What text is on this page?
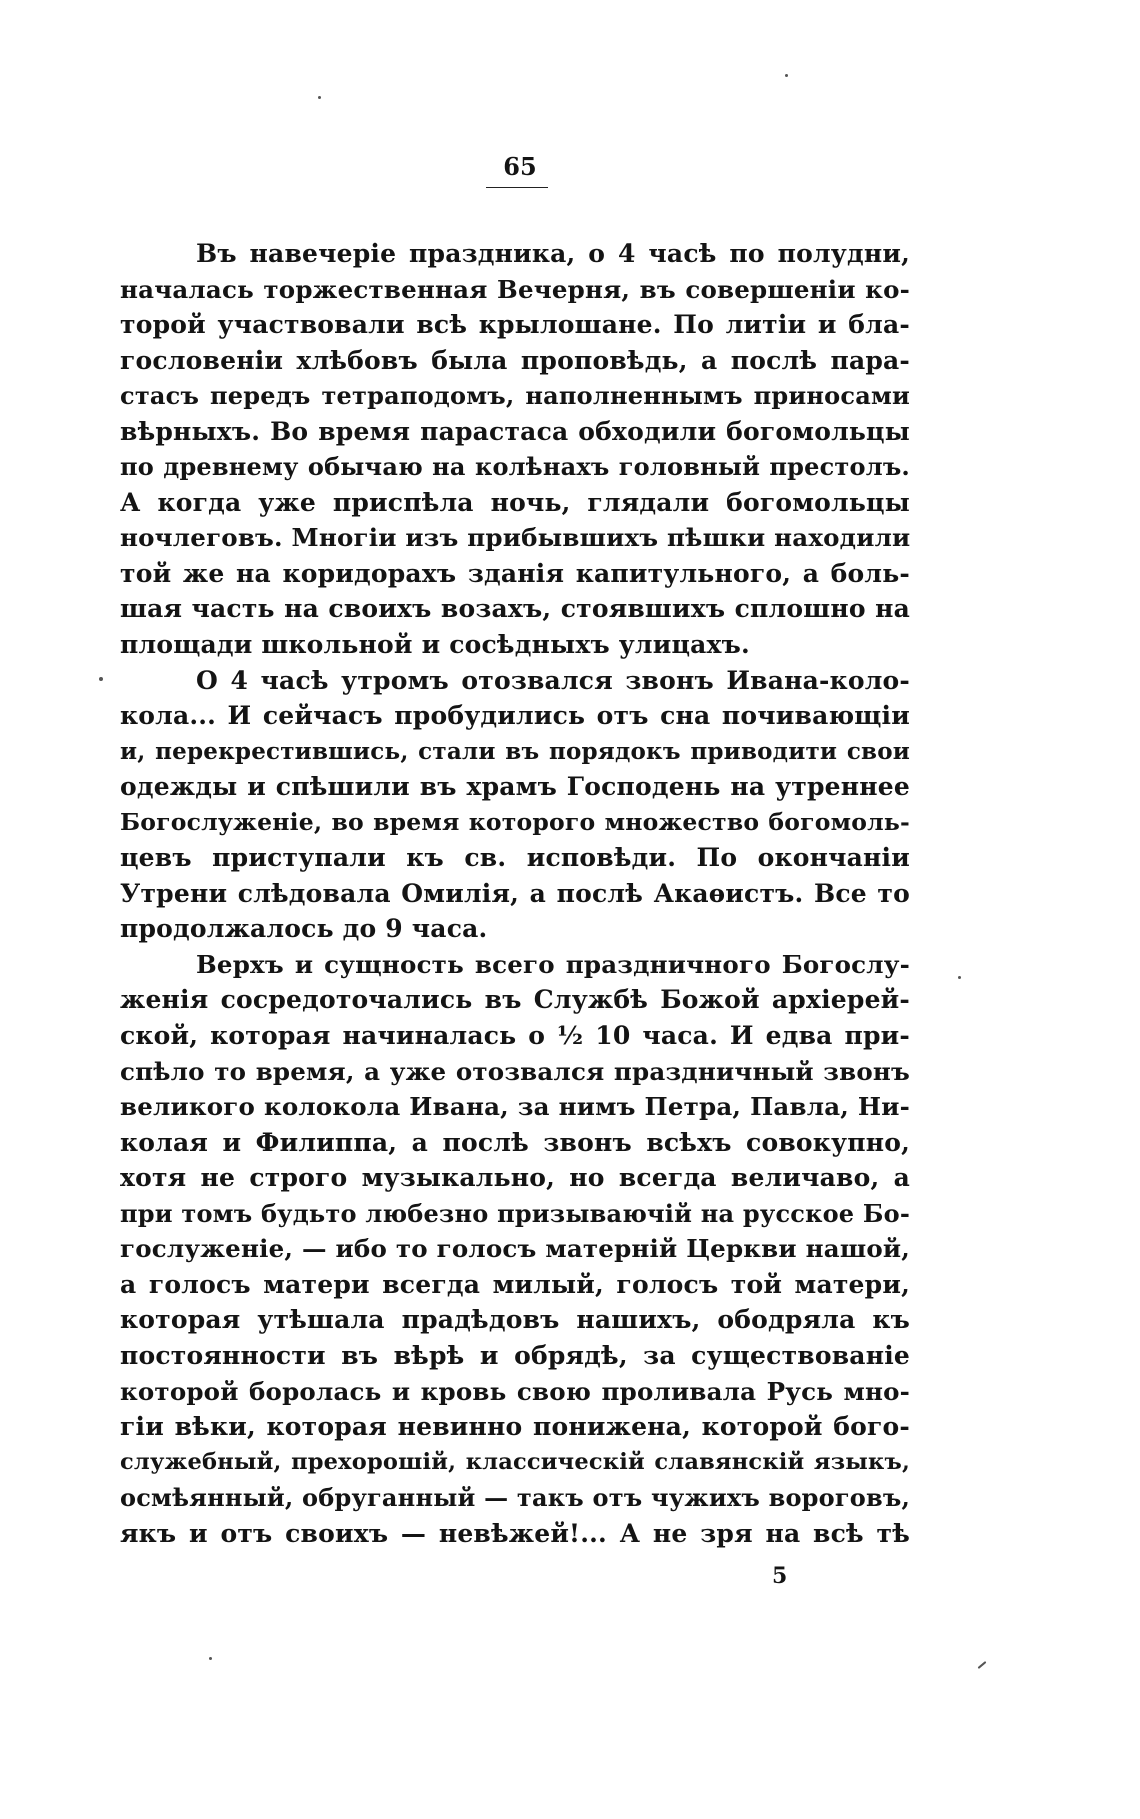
65
Въ навечеріе праздника, о 4 часѣ по полудни,
началась торжественная Вечерня, въ совершеніи ко-
торой участвовали всѣ крылошане. По литіи и бла-
гословеніи хлѣбовъ была проповѣдь, а послѣ пара-
стасъ передъ тетраподомъ, наполненнымъ приносами
вѣрныхъ. Во время парастаса обходили богомольцы
по древнему обычаю на колѣнахъ головный престолъ.
А когда уже приспѣла ночь, глядали богомольцы
ночлеговъ. Многіи изъ прибывшихъ пѣшки находили
той же на коридорахъ зданія капитульного, а боль-
шая часть на своихъ возахъ, стоявшихъ сплошно на
площади школьной и сосѣдныхъ улицахъ.
О 4 часѣ утромъ отозвался звонъ Ивана-коло-
кола... И сейчасъ пробудились отъ сна почивающіи
и, перекрестившись, стали въ порядокъ приводити свои
одежды и спѣшили въ храмъ Господень на утреннее
Богослуженіе, во время которого множество богомоль-
цевъ приступали къ св. исповѣди. По окончаніи
Утрени слѣдовала Омилія, а послѣ Акаѳистъ. Все то
продолжалось до 9 часа.
Верхъ и сущность всего праздничного Богослу-
женія сосредоточались въ Службѣ Божой архіерей-
ской, которая начиналась о ½ 10 часа. И едва при-
спѣло то время, а уже отозвался праздничный звонъ
великого колокола Ивана, за нимъ Петра, Павла, Ни-
колая и Филиппа, а послѣ звонъ всѣхъ совокупно,
хотя не строго музыкально, но всегда величаво, а
при томъ будьто любезно призываючій на русское Бо-
гослуженіе, — ибо то голосъ матерній Церкви нашой,
а голосъ матери всегда милый, голосъ той матери,
которая утѣшала прадѣдовъ нашихъ, ободряла къ
постоянности въ вѣрѣ и обрядѣ, за существованіе
которой боролась и кровь свою проливала Русь мно-
гіи вѣки, которая невинно понижена, которой бого-
служебный, прехорошій, классическій славянскій языкъ,
осмѣянный, обруганный — такъ отъ чужихъ вороговъ,
якъ и отъ своихъ — невѣжей!... А не зря на всѣ тѣ
5
